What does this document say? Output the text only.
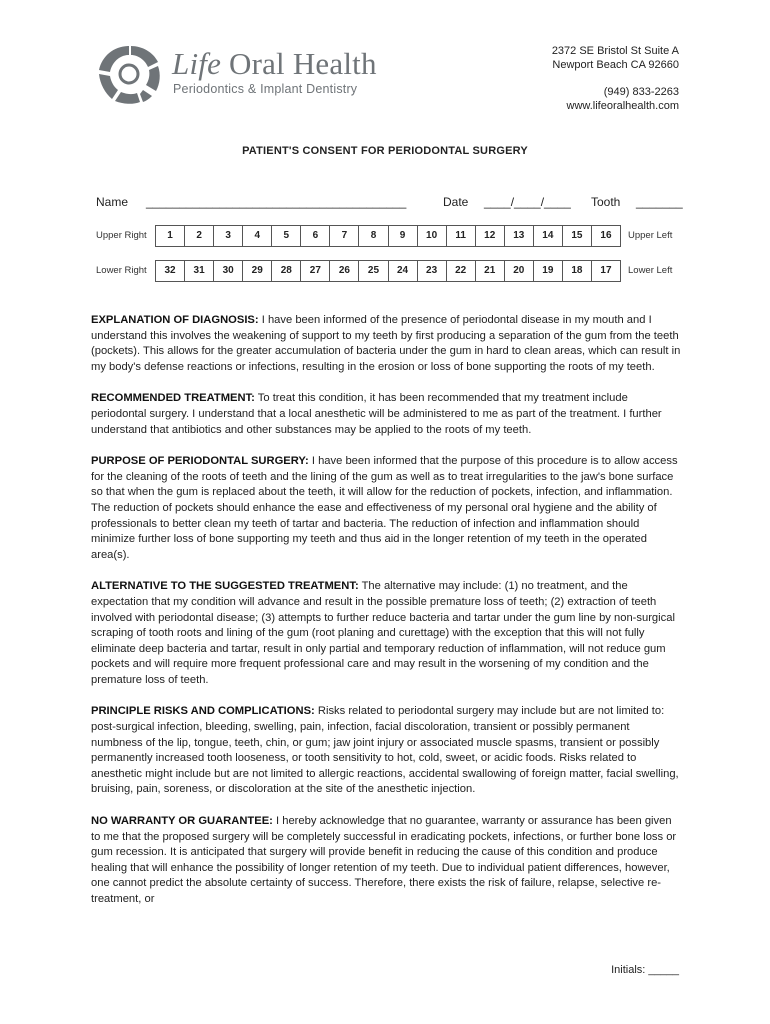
Life Oral Health
Periodontics & Implant Dentistry
2372 SE Bristol St Suite A
Newport Beach CA 92660
(949) 833-2263
www.lifeoralhealth.com
PATIENT'S CONSENT FOR PERIODONTAL SURGERY
Name _______________________________________	Date ____/____/____ Tooth _______
Upper Right	1	2	3	4	5	6	7	8	9	10	11	12	13	14	15	16	Upper Left
Lower Right	32	31	30	29	28	27	26	25	24	23	22	21	20	19	18	17	Lower Left

EXPLANATION OF DIAGNOSIS: I have been informed of the presence of periodontal disease in my mouth and I understand this involves the weakening of support to my teeth by first producing a separation of the gum from the teeth (pockets). This allows for the greater accumulation of bacteria under the gum in hard to clean areas, which can result in my body's defense reactions or infections, resulting in the erosion or loss of bone supporting the roots of my teeth.

RECOMMENDED TREATMENT: To treat this condition, it has been recommended that my treatment include periodontal surgery. I understand that a local anesthetic will be administered to me as part of the treatment. I further understand that antibiotics and other substances may be applied to the roots of my teeth.

PURPOSE OF PERIODONTAL SURGERY: I have been informed that the purpose of this procedure is to allow access for the cleaning of the roots of teeth and the lining of the gum as well as to treat irregularities to the jaw's bone surface so that when the gum is replaced about the teeth, it will allow for the reduction of pockets, infection, and inflammation. The reduction of pockets should enhance the ease and effectiveness of my personal oral hygiene and the ability of professionals to better clean my teeth of tartar and bacteria. The reduction of infection and inflammation should minimize further loss of bone supporting my teeth and thus aid in the longer retention of my teeth in the operated area(s).

ALTERNATIVE TO THE SUGGESTED TREATMENT: The alternative may include: (1) no treatment, and the expectation that my condition will advance and result in the possible premature loss of teeth; (2) extraction of teeth involved with periodontal disease; (3) attempts to further reduce bacteria and tartar under the gum line by non-surgical scraping of tooth roots and lining of the gum (root planing and curettage) with the exception that this will not fully eliminate deep bacteria and tartar, result in only partial and temporary reduction of inflammation, will not reduce gum pockets and will require more frequent professional care and may result in the worsening of my condition and the premature loss of teeth.

PRINCIPLE RISKS AND COMPLICATIONS: Risks related to periodontal surgery may include but are not limited to: post-surgical infection, bleeding, swelling, pain, infection, facial discoloration, transient or possibly permanent numbness of the lip, tongue, teeth, chin, or gum; jaw joint injury or associated muscle spasms, transient or possibly permanently increased tooth looseness, or tooth sensitivity to hot, cold, sweet, or acidic foods. Risks related to anesthetic might include but are not limited to allergic reactions, accidental swallowing of foreign matter, facial swelling, bruising, pain, soreness, or discoloration at the site of the anesthetic injection.

NO WARRANTY OR GUARANTEE: I hereby acknowledge that no guarantee, warranty or assurance has been given to me that the proposed surgery will be completely successful in eradicating pockets, infections, or further bone loss or gum recession. It is anticipated that surgery will provide benefit in reducing the cause of this condition and produce healing that will enhance the possibility of longer retention of my teeth. Due to individual patient differences, however, one cannot predict the absolute certainty of success. Therefore, there exists the risk of failure, relapse, selective re-treatment, or

Initials: _____
